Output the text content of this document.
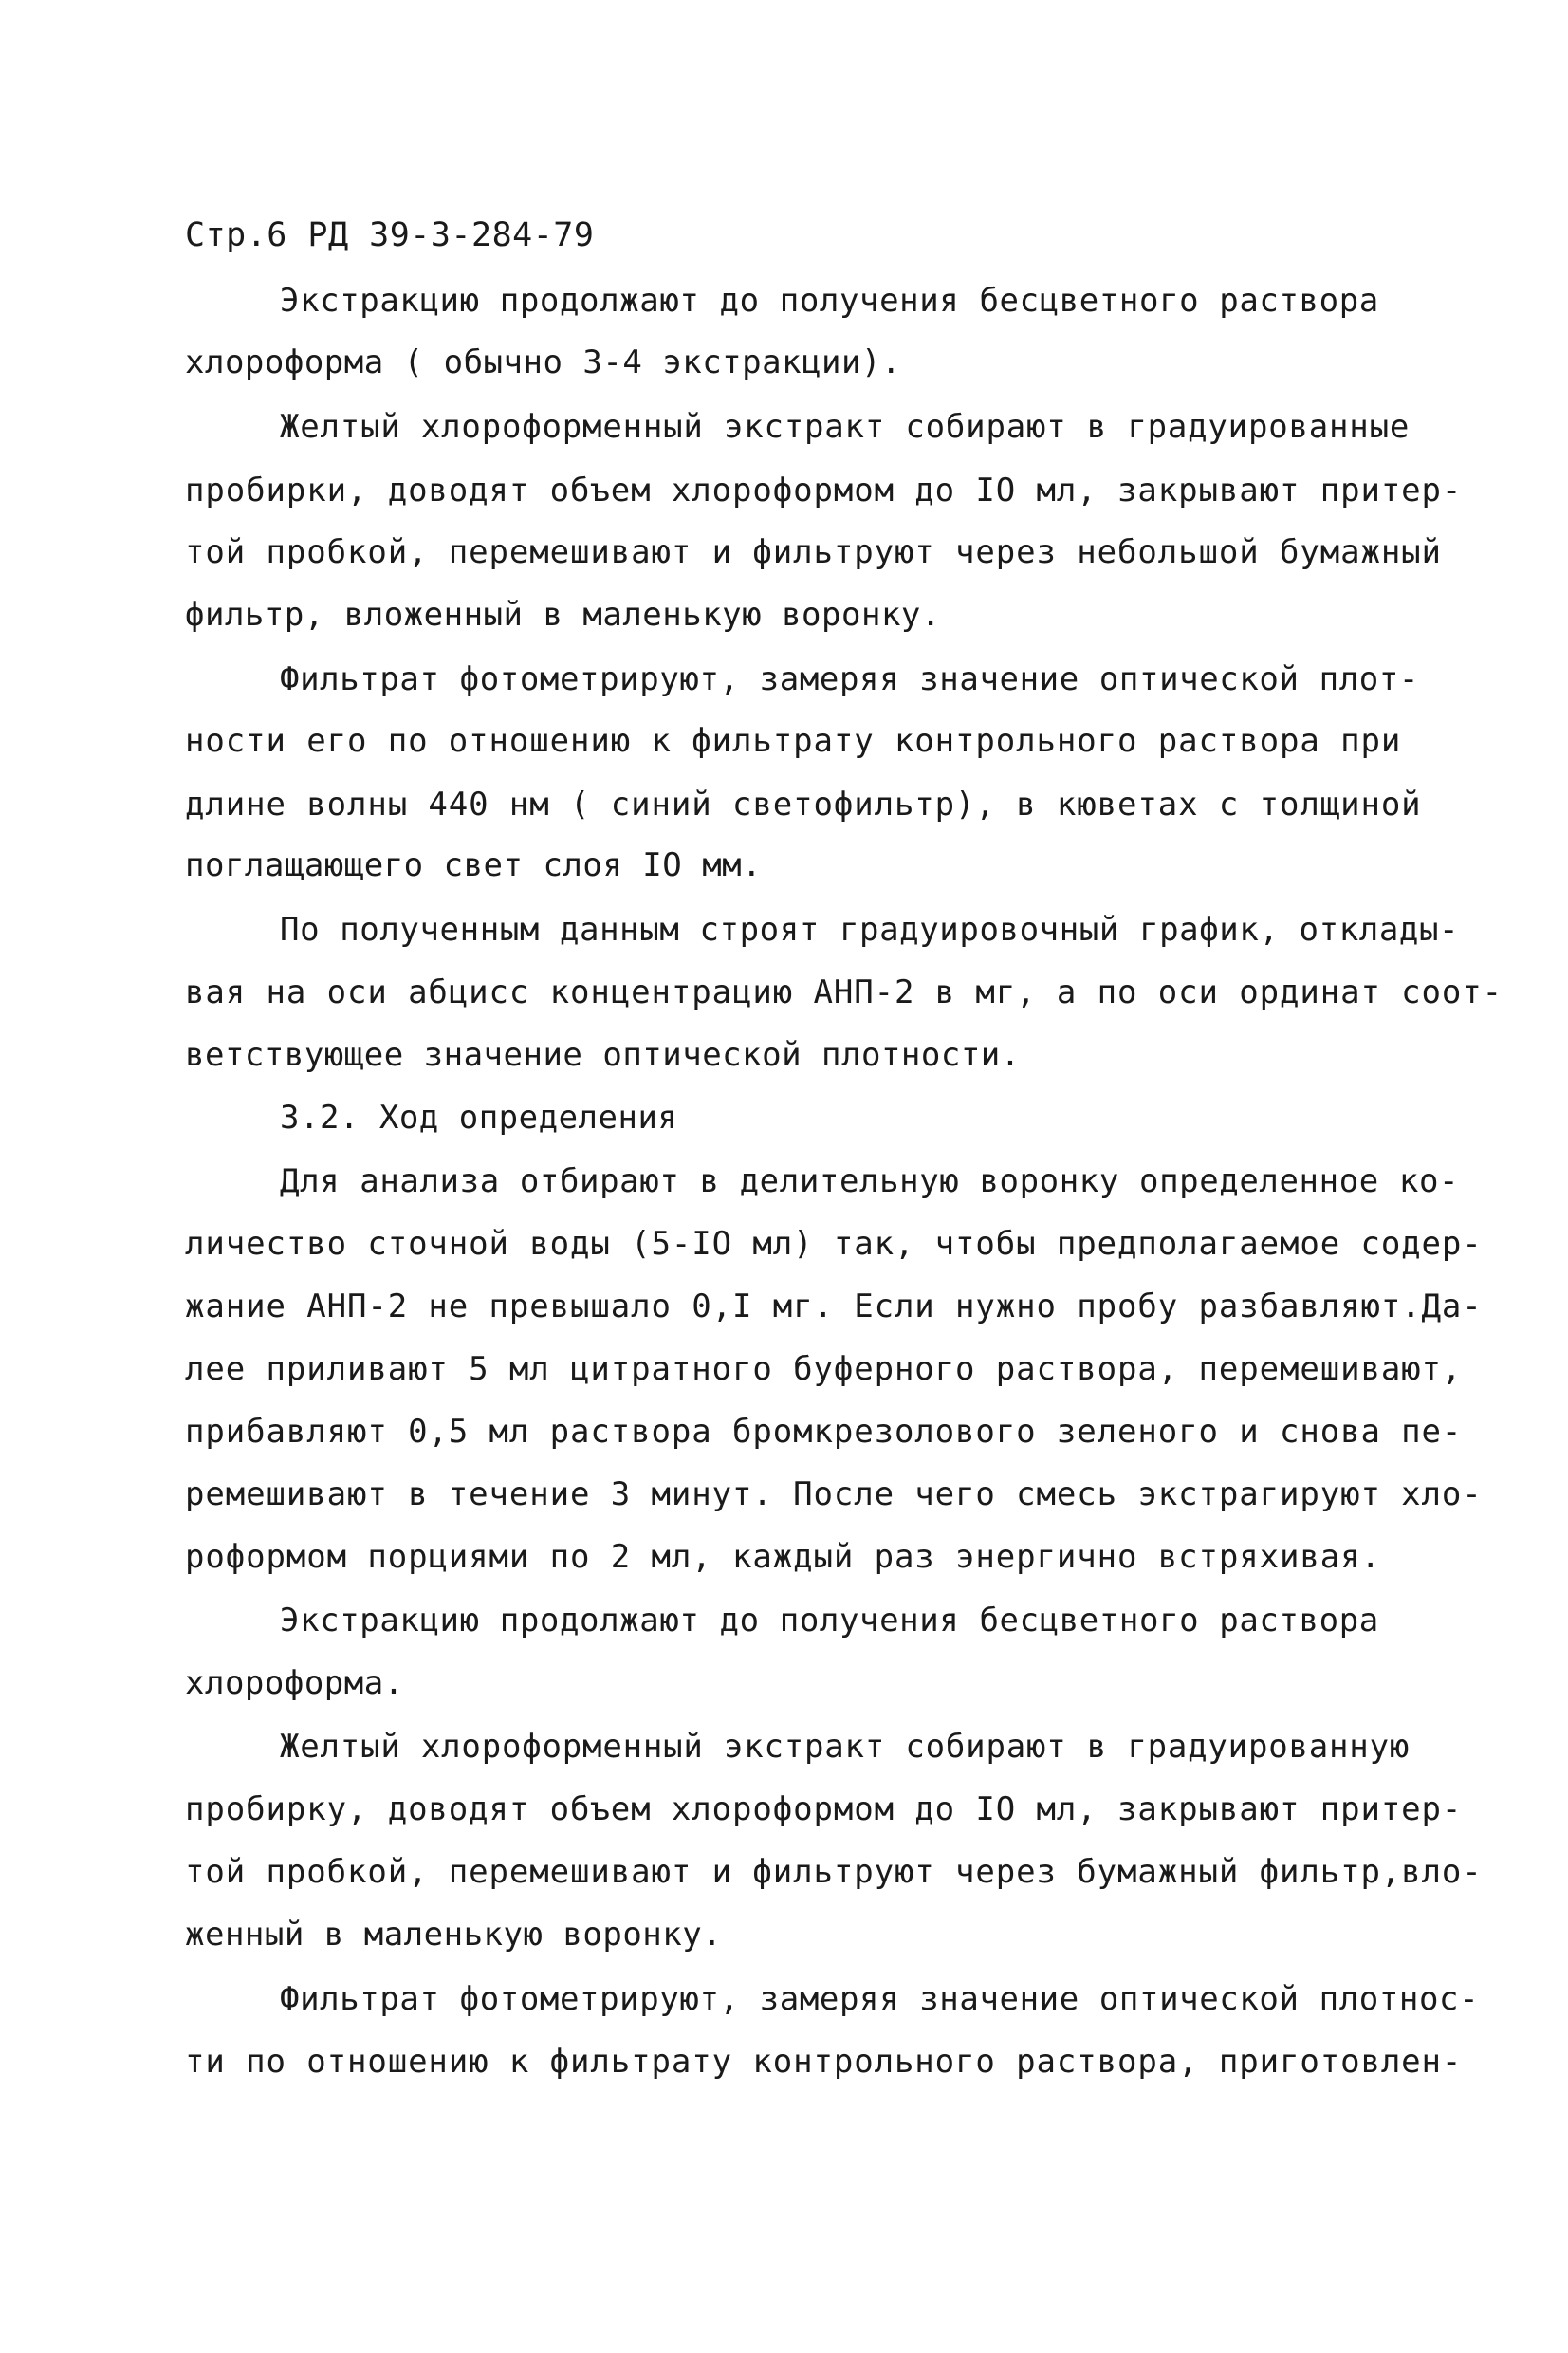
Стр.6 РД 39-3-284-79
Экстракцию продолжают до получения бесцветного раствора
хлороформа ( обычно 3-4 экстракции).
Желтый хлороформенный экстракт собирают в градуированные
пробирки, доводят объем хлороформом до IO мл, закрывают притер-
той пробкой, перемешивают и фильтруют через небольшой бумажный
фильтр, вложенный в маленькую воронку.
Фильтрат фотометрируют, замеряя значение оптической плот-
ности его по отношению к фильтрату контрольного раствора при
длине волны 440 нм ( синий светофильтр), в кюветах с толщиной
поглащающего свет слоя IO мм.
По полученным данным строят градуировочный график, отклады-
вая на оси абцисс концентрацию АНП-2 в мг, а по оси ординат соот-
ветствующее значение оптической плотности.
3.2. Ход определения
Для анализа отбирают в делительную воронку определенное ко-
личество сточной воды (5-IO мл) так, чтобы предполагаемое содер-
жание АНП-2 не превышало 0,I мг. Если нужно пробу разбавляют.Да-
лее приливают 5 мл цитратного буферного раствора, перемешивают,
прибавляют 0,5 мл раствора бромкрезолового зеленого и снова пе-
ремешивают в течение 3 минут. После чего смесь экстрагируют хло-
роформом порциями по 2 мл, каждый раз энергично встряхивая.
Экстракцию продолжают до получения бесцветного раствора
хлороформа.
Желтый хлороформенный экстракт собирают в градуированную
пробирку, доводят объем хлороформом до IO мл, закрывают притер-
той пробкой, перемешивают и фильтруют через бумажный фильтр,вло-
женный в маленькую воронку.
Фильтрат фотометрируют, замеряя значение оптической плотнос-
ти по отношению к фильтрату контрольного раствора, приготовлен-
